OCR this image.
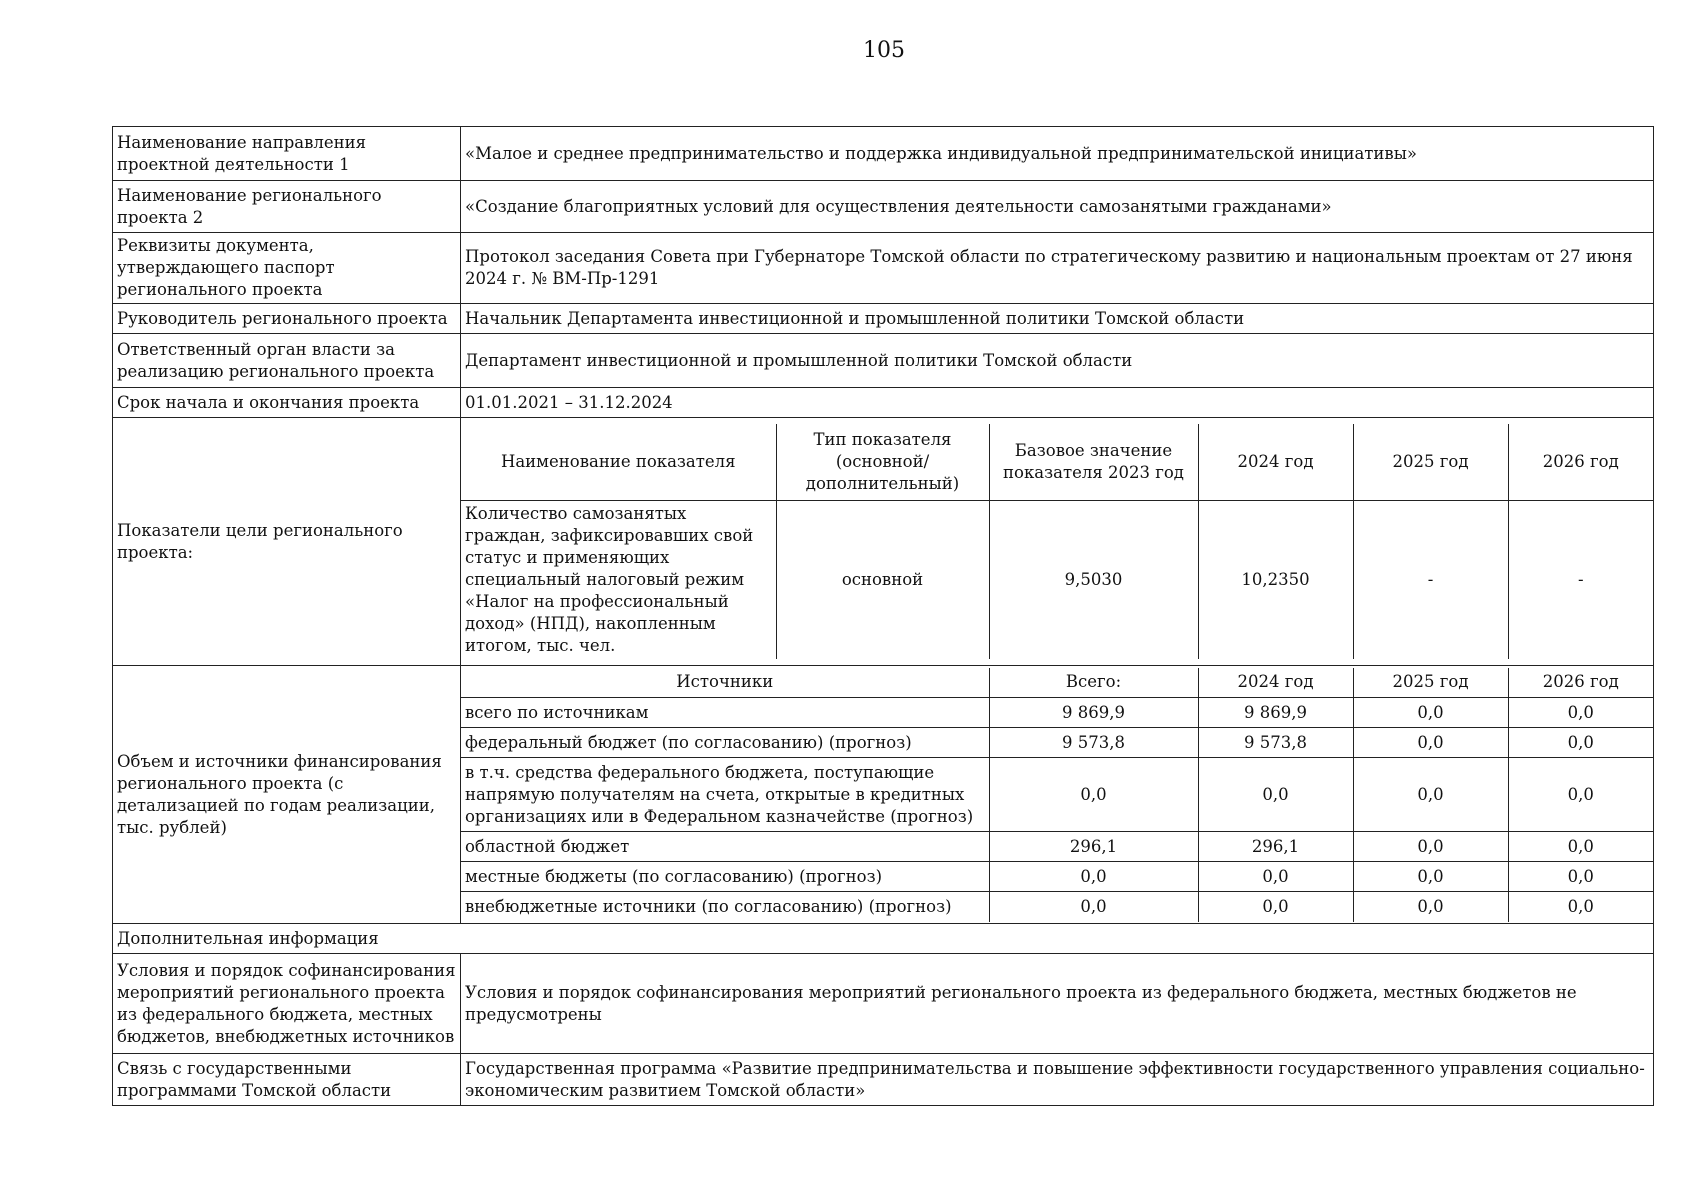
105
Наименование направления проектной деятельности 1	«Малое и среднее предпринимательство и поддержка индивидуальной предпринимательской инициативы»
Наименование регионального проекта 2	«Создание благоприятных условий для осуществления деятельности самозанятыми гражданами»
Реквизиты документа, утверждающего паспорт регионального проекта	Протокол заседания Совета при Губернаторе Томской области по стратегическому развитию и национальным проектам от 27 июня 2024 г. № ВМ-Пр-1291
Руководитель регионального проекта	Начальник Департамента инвестиционной и промышленной политики Томской области
Ответственный орган власти за реализацию регионального проекта	Департамент инвестиционной и промышленной политики Томской области
Срок начала и окончания проекта	01.01.2021 – 31.12.2024
Показатели цели регионального проекта:	
Наименование показателя	Тип показателя (основной/ дополнительный)	Базовое значение показателя 2023 год	2024 год	2025 год	2026 год
Количество самозанятых граждан, зафиксировавших свой статус и применяющих специальный налоговый режим «Налог на профессиональный доход» (НПД), накопленным итогом, тыс. чел.	основной	9,5030	10,2350	-	-

Объем и источники финансирования регионального проекта (с детализацией по годам реализации, тыс. рублей)	
Источники	Всего:	2024 год	2025 год	2026 год
всего по источникам	9 869,9	9 869,9	0,0	0,0
федеральный бюджет (по согласованию) (прогноз)	9 573,8	9 573,8	0,0	0,0
в т.ч. средства федерального бюджета, поступающие напрямую получателям на счета, открытые в кредитных организациях или в Федеральном казначействе (прогноз)	0,0	0,0	0,0	0,0
областной бюджет	296,1	296,1	0,0	0,0
местные бюджеты (по согласованию) (прогноз)	0,0	0,0	0,0	0,0
внебюджетные источники (по согласованию) (прогноз)	0,0	0,0	0,0	0,0

Дополнительная информация
Условия и порядок софинансирования мероприятий регионального проекта из федерального бюджета, местных бюджетов, внебюджетных источников	Условия и порядок софинансирования мероприятий регионального проекта из федерального бюджета, местных бюджетов не предусмотрены
Связь с государственными программами Томской области	Государственная программа «Развитие предпринимательства и повышение эффективности государственного управления социально-экономическим развитием Томской области»
